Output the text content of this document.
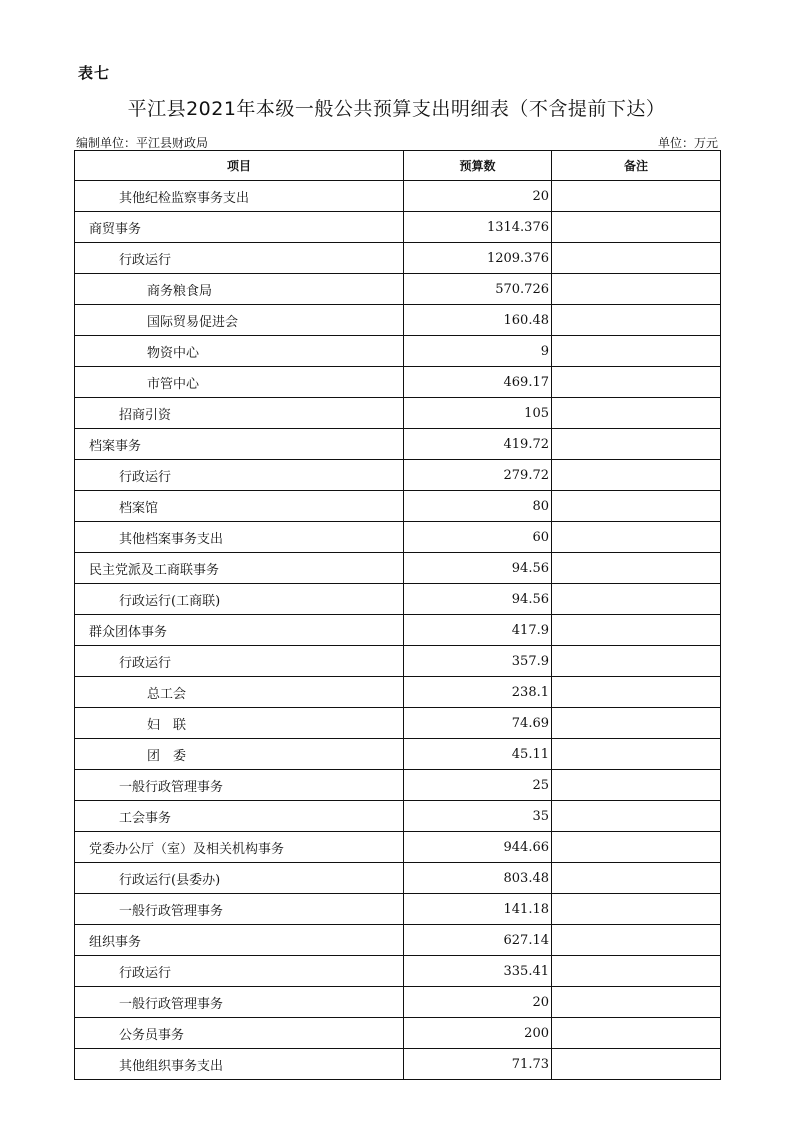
表七
平江县2021年本级一般公共预算支出明细表（不含提前下达）
编制单位：平江县财政局	单位：万元
项目	预算数	备注
其他纪检监察事务支出	20	
商贸事务	1314.376	
行政运行	1209.376	
商务粮食局	570.726	
国际贸易促进会	160.48	
物资中心	9	
市管中心	469.17	
招商引资	105	
档案事务	419.72	
行政运行	279.72	
档案馆	80	
其他档案事务支出	60	
民主党派及工商联事务	94.56	
行政运行(工商联)	94.56	
群众团体事务	417.9	
行政运行	357.9	
总工会	238.1	
妇　联	74.69	
团　委	45.11	
一般行政管理事务	25	
工会事务	35	
党委办公厅（室）及相关机构事务	944.66	
行政运行(县委办)	803.48	
一般行政管理事务	141.18	
组织事务	627.14	
行政运行	335.41	
一般行政管理事务	20	
公务员事务	200	
其他组织事务支出	71.73	
